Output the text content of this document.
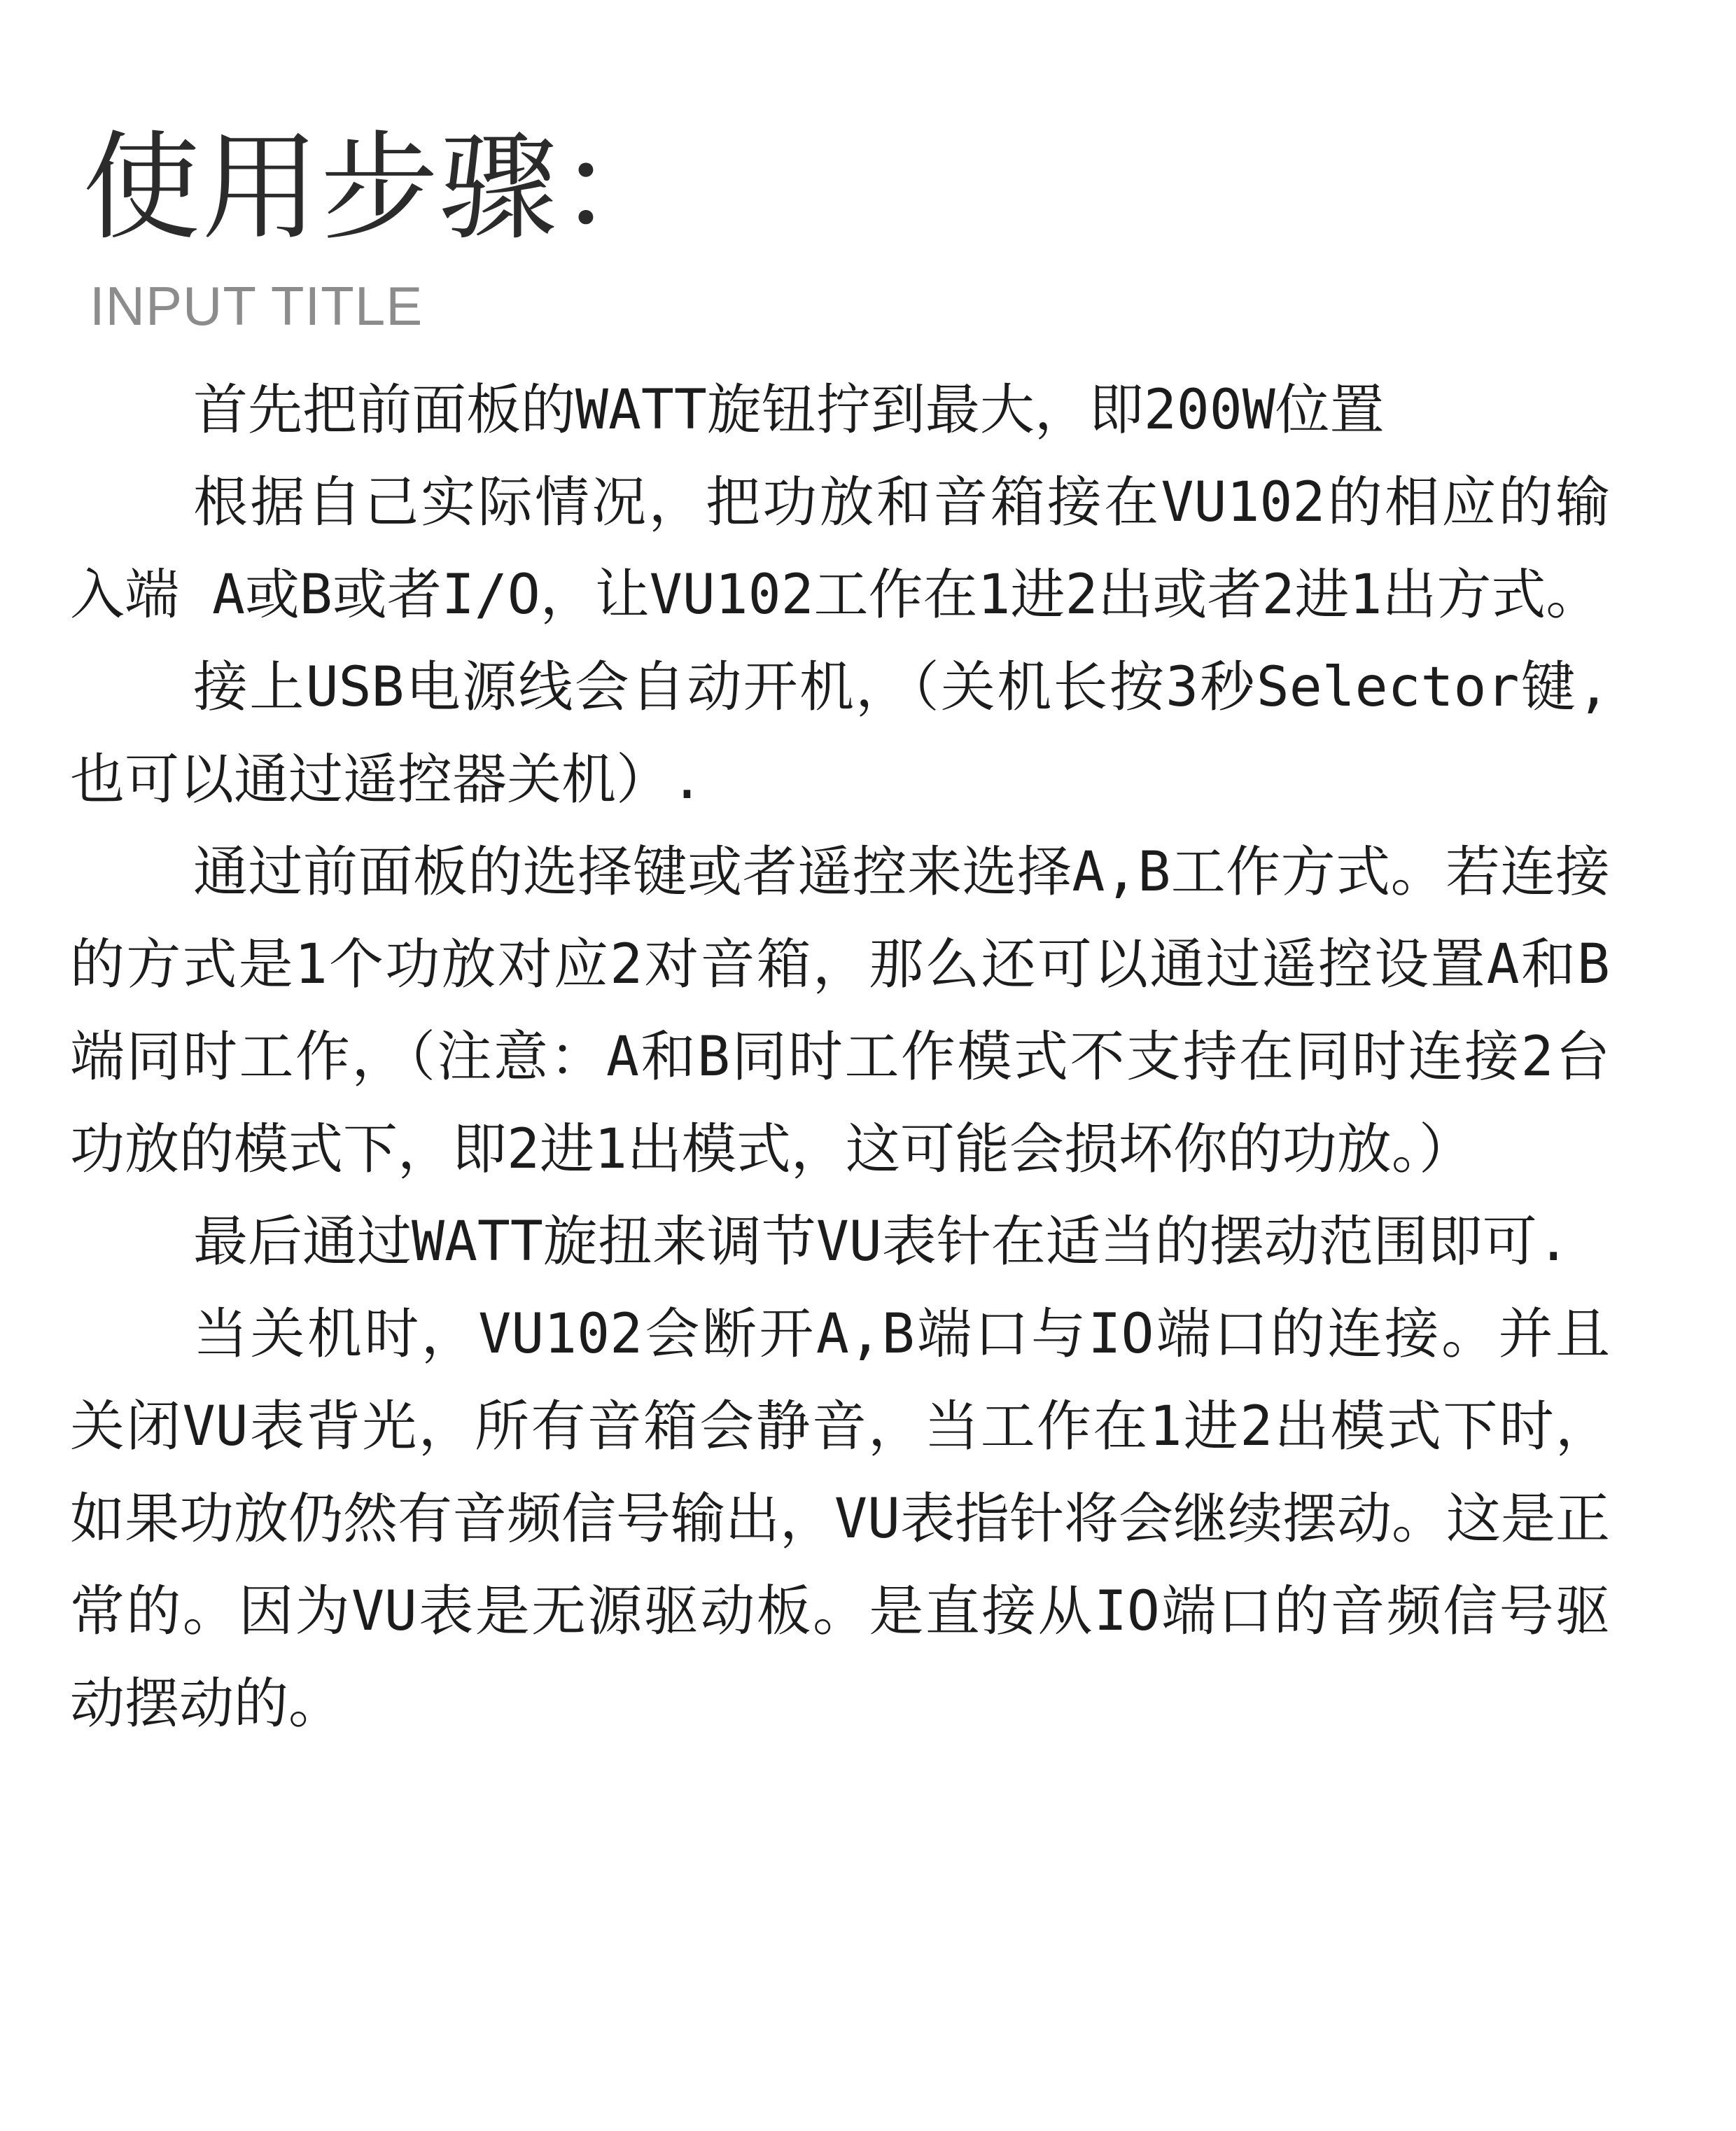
使用步骤：
INPUT TITLE

首先把前面板的WATT旋钮拧到最大，即200W位置

根据自己实际情况，把功放和音箱接在VU102的相应的输入端 A或B或者I/O，让VU102工作在1进2出或者2进1出方式。

接上USB电源线会自动开机，（关机长按3秒Selector键,也可以通过遥控器关机）.

通过前面板的选择键或者遥控来选择A,B工作方式。若连接的方式是1个功放对应2对音箱，那么还可以通过遥控设置A和B端同时工作，（注意：A和B同时工作模式不支持在同时连接2台功放的模式下，即2进1出模式，这可能会损坏你的功放。）

最后通过WATT旋扭来调节VU表针在适当的摆动范围即可.

当关机时，VU102会断开A,B端口与IO端口的连接。并且关闭VU表背光，所有音箱会静音，当工作在1进2出模式下时，如果功放仍然有音频信号输出，VU表指针将会继续摆动。这是正常的。因为VU表是无源驱动板。是直接从IO端口的音频信号驱动摆动的。
